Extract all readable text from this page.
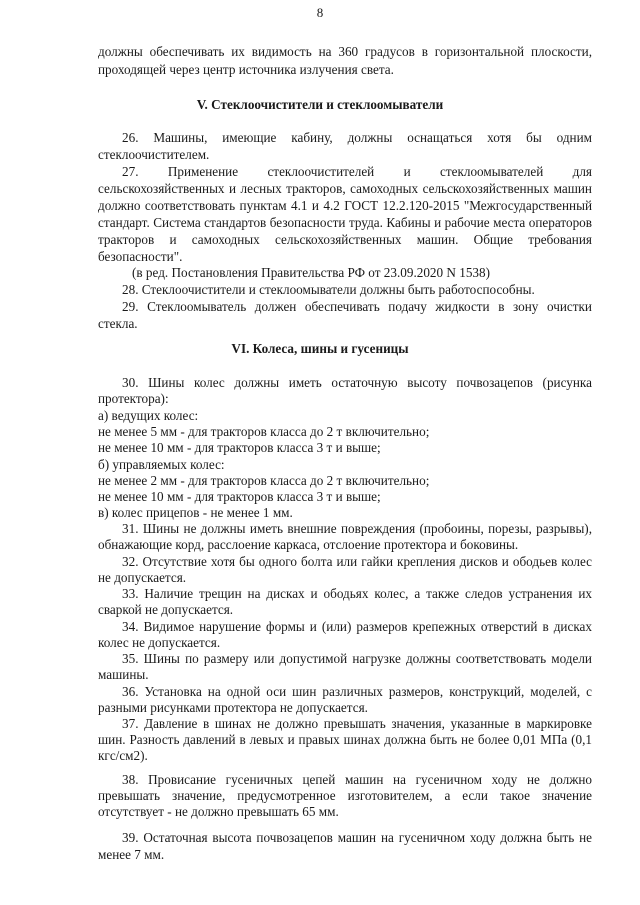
8
должны обеспечивать их видимость на 360 градусов в горизонтальной плоскости,
проходящей через центр источника излучения света.
V. Стеклоочистители и стеклоомыватели
26. Машины, имеющие кабину, должны оснащаться хотя бы одним
стеклоочистителем.
27. Применение стеклоочистителей и стеклоомывателей для
сельскохозяйственных и лесных тракторов, самоходных сельскохозяйственных машин
должно соответствовать пунктам 4.1 и 4.2 ГОСТ 12.2.120-2015 "Межгосударственный
стандарт. Система стандартов безопасности труда. Кабины и рабочие места операторов
тракторов и самоходных сельскохозяйственных машин. Общие требования
безопасности".
(в ред. Постановления Правительства РФ от 23.09.2020 N 1538)
28. Стеклоочистители и стеклоомыватели должны быть работоспособны.
29. Стеклоомыватель должен обеспечивать подачу жидкости в зону очистки
стекла.
VI. Колеса, шины и гусеницы
30. Шины колес должны иметь остаточную высоту почвозацепов (рисунка
протектора):
а) ведущих колес:
не менее 5 мм - для тракторов класса до 2 т включительно;
не менее 10 мм - для тракторов класса 3 т и выше;
б) управляемых колес:
не менее 2 мм - для тракторов класса до 2 т включительно;
не менее 10 мм - для тракторов класса 3 т и выше;
в) колес прицепов - не менее 1 мм.
31. Шины не должны иметь внешние повреждения (пробоины, порезы, разрывы),
обнажающие корд, расслоение каркаса, отслоение протектора и боковины.
32. Отсутствие хотя бы одного болта или гайки крепления дисков и ободьев колес
не допускается.
33. Наличие трещин на дисках и ободьях колес, а также следов устранения их
сваркой не допускается.
34. Видимое нарушение формы и (или) размеров крепежных отверстий в дисках
колес не допускается.
35. Шины по размеру или допустимой нагрузке должны соответствовать модели
машины.
36. Установка на одной оси шин различных размеров, конструкций, моделей, с
разными рисунками протектора не допускается.
37. Давление в шинах не должно превышать значения, указанные в маркировке
шин. Разность давлений в левых и правых шинах должна быть не более 0,01 МПа (0,1
кгс/см2).
38. Провисание гусеничных цепей машин на гусеничном ходу не должно
превышать значение, предусмотренное изготовителем, а если такое значение
отсутствует - не должно превышать 65 мм.
39. Остаточная высота почвозацепов машин на гусеничном ходу должна быть не
менее 7 мм.
